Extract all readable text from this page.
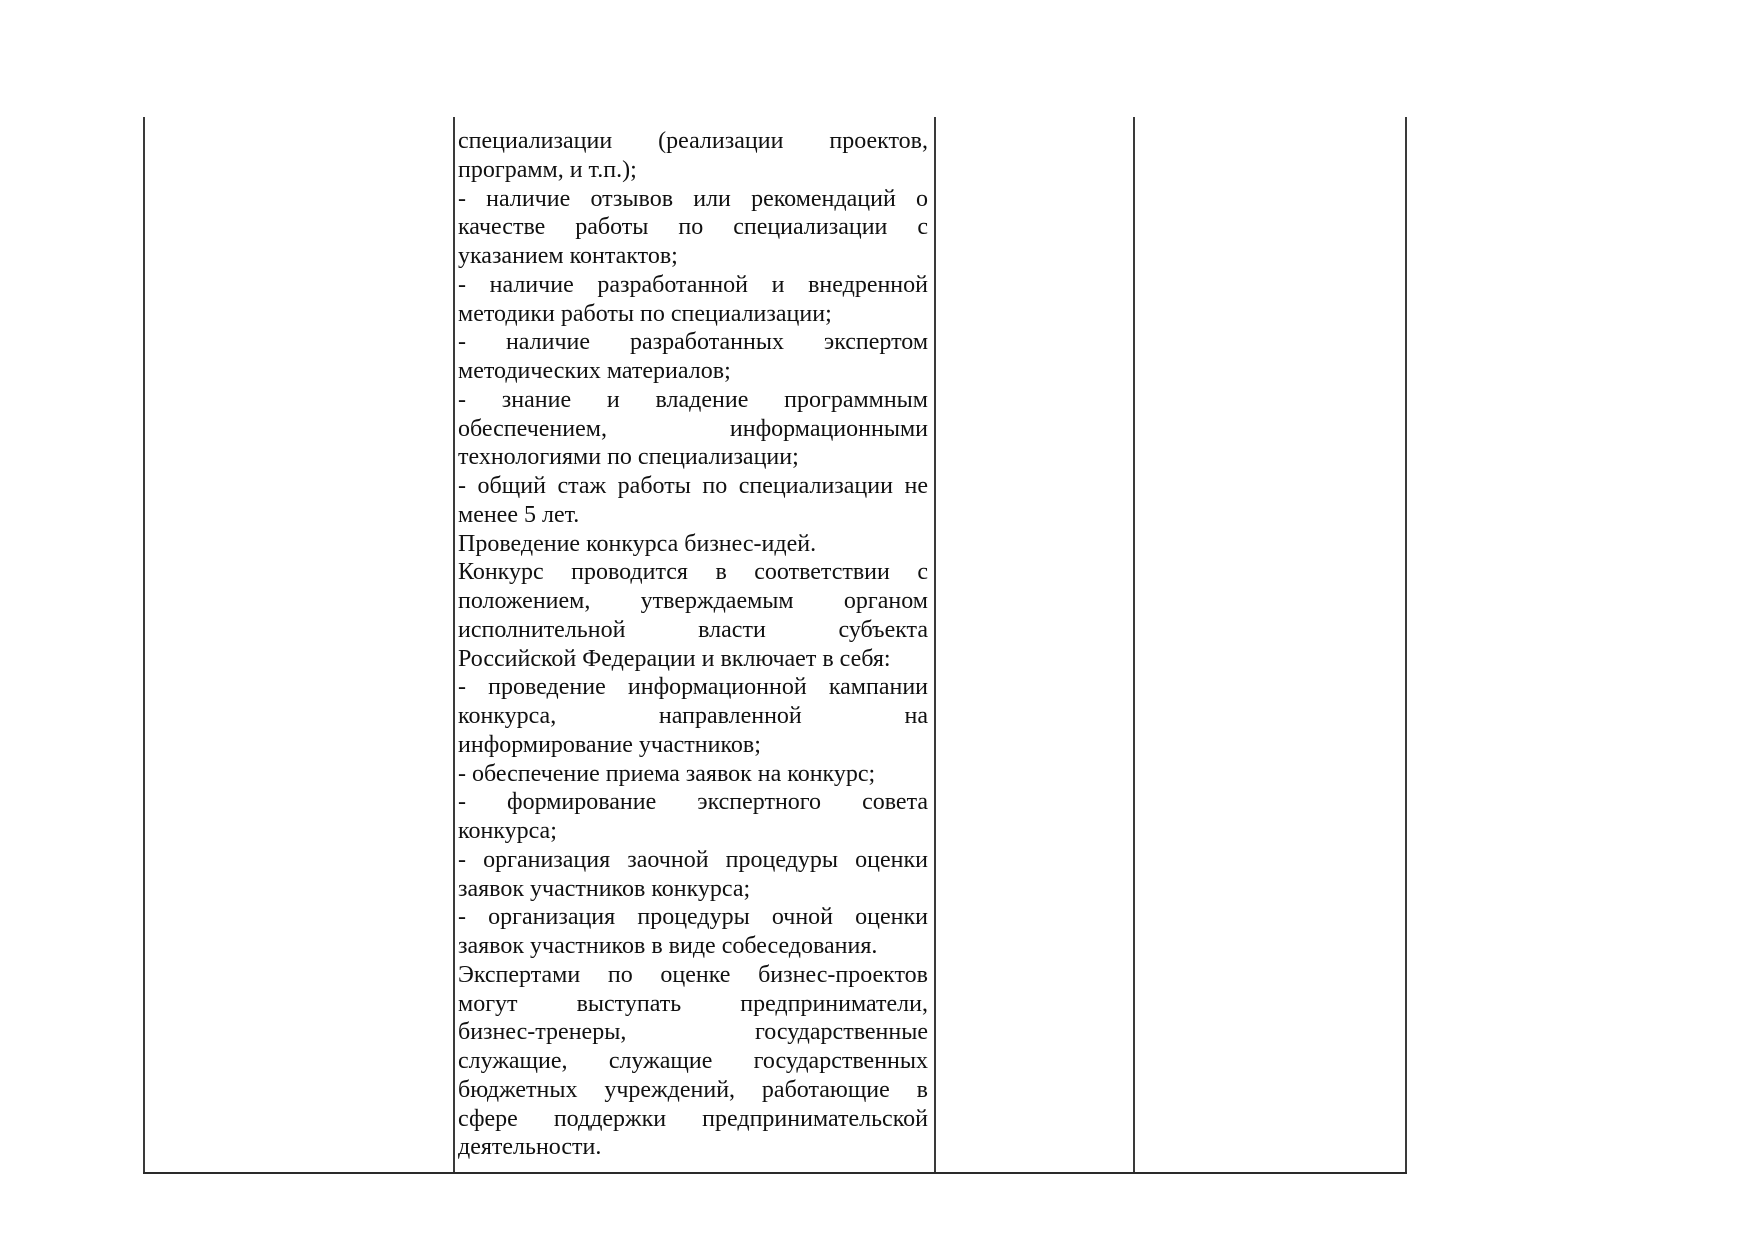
специализации (реализации проектов,
программ, и т.п.);
- наличие отзывов или рекомендаций о
качестве работы по специализации с
указанием контактов;
- наличие разработанной и внедренной
методики работы по специализации;
- наличие разработанных экспертом
методических материалов;
- знание и владение программным
обеспечением, информационными
технологиями по специализации;
- общий стаж работы по специализации не
менее 5 лет.
Проведение конкурса бизнес-идей.
Конкурс проводится в соответствии с
положением, утверждаемым органом
исполнительной власти субъекта
Российской Федерации и включает в себя:
- проведение информационной кампании
конкурса, направленной на
информирование участников;
- обеспечение приема заявок на конкурс;
- формирование экспертного совета
конкурса;
- организация заочной процедуры оценки
заявок участников конкурса;
- организация процедуры очной оценки
заявок участников в виде собеседования.
Экспертами по оценке бизнес-проектов
могут выступать предприниматели,
бизнес-тренеры, государственные
служащие, служащие государственных
бюджетных учреждений, работающие в
сфере поддержки предпринимательской
деятельности.
